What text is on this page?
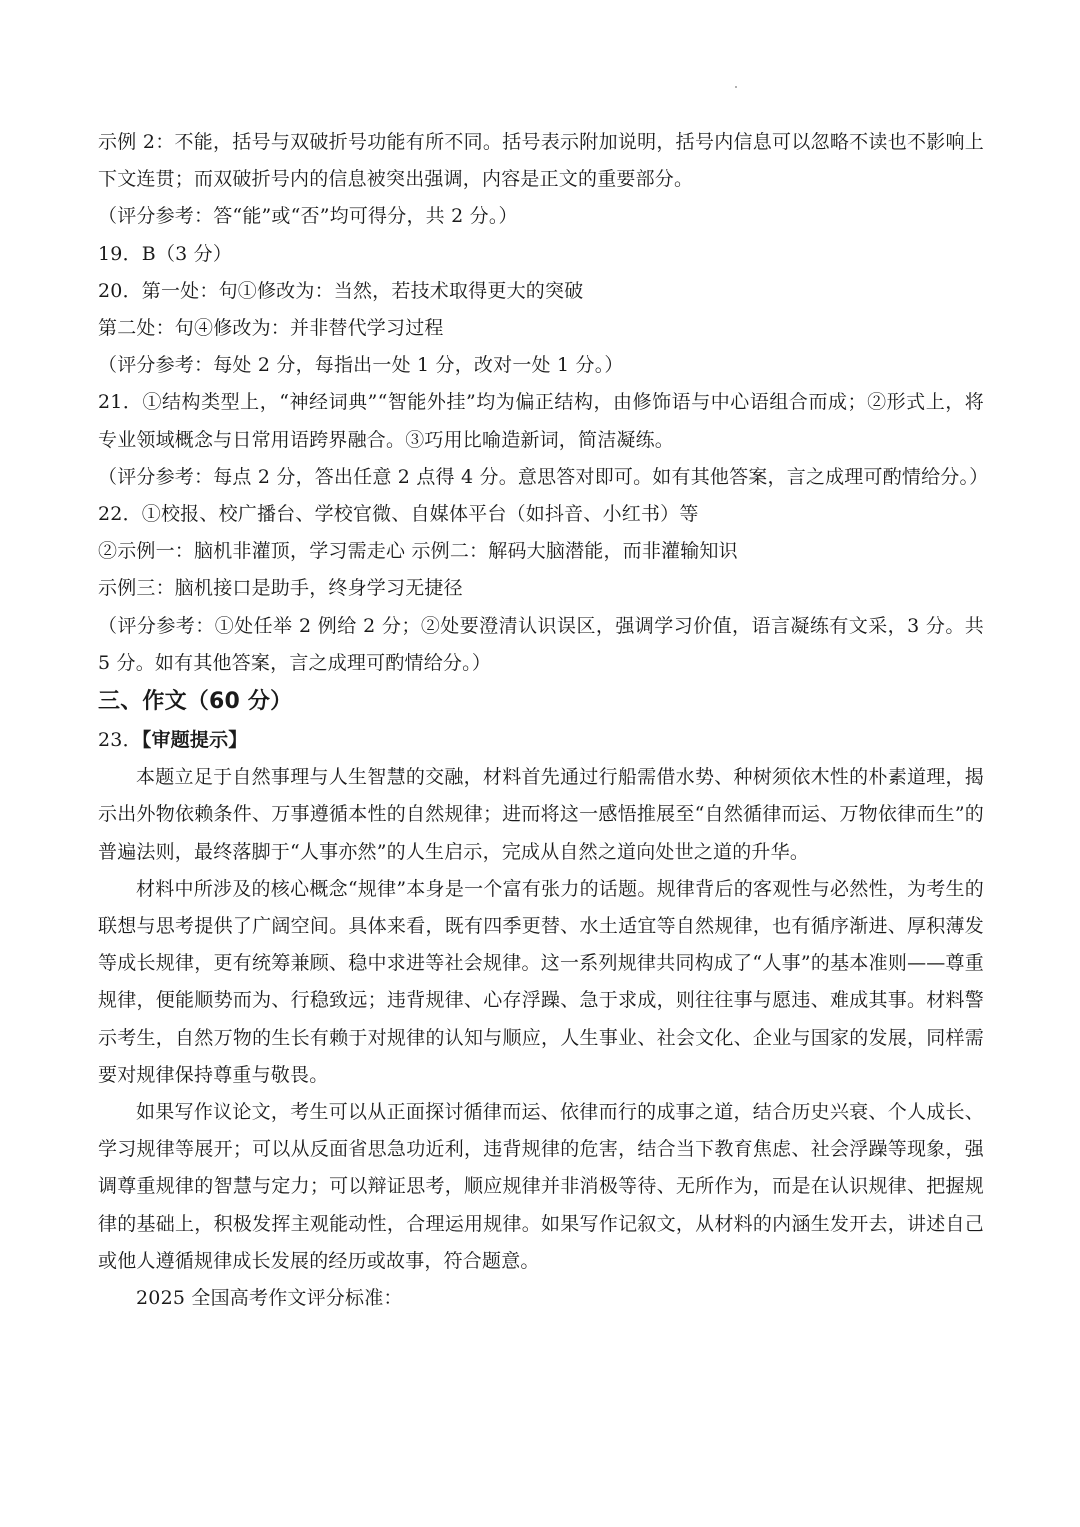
示例 2：不能，括号与双破折号功能有所不同。括号表示附加说明，括号内信息可以忽略不读也不影响上下文连贯；而双破折号内的信息被突出强调，内容是正文的重要部分。

（评分参考：答“能”或“否”均可得分，共 2 分。）

19．B（3 分）

20．第一处：句①修改为：当然，若技术取得更大的突破

第二处：句④修改为：并非替代学习过程

（评分参考：每处 2 分，每指出一处 1 分，改对一处 1 分。）

21．①结构类型上，“神经词典”“智能外挂”均为偏正结构，由修饰语与中心语组合而成；②形式上，将专业领域概念与日常用语跨界融合。③巧用比喻造新词，简洁凝练。

（评分参考：每点 2 分，答出任意 2 点得 4 分。意思答对即可。如有其他答案，言之成理可酌情给分。）

22．①校报、校广播台、学校官微、自媒体平台（如抖音、小红书）等

②示例一：脑机非灌顶，学习需走心 示例二：解码大脑潜能，而非灌输知识

示例三：脑机接口是助手，终身学习无捷径

（评分参考：①处任举 2 例给 2 分；②处要澄清认识误区，强调学习价值，语言凝练有文采，3 分。共 5 分。如有其他答案，言之成理可酌情给分。）

三、作文（60 分）

23．【审题提示】

本题立足于自然事理与人生智慧的交融，材料首先通过行船需借水势、种树须依木性的朴素道理，揭示出外物依赖条件、万事遵循本性的自然规律；进而将这一感悟推展至“自然循律而运、万物依律而生”的普遍法则，最终落脚于“人事亦然”的人生启示，完成从自然之道向处世之道的升华。

材料中所涉及的核心概念“规律”本身是一个富有张力的话题。规律背后的客观性与必然性，为考生的联想与思考提供了广阔空间。具体来看，既有四季更替、水土适宜等自然规律，也有循序渐进、厚积薄发等成长规律，更有统筹兼顾、稳中求进等社会规律。这一系列规律共同构成了“人事”的基本准则——尊重规律，便能顺势而为、行稳致远；违背规律、心存浮躁、急于求成，则往往事与愿违、难成其事。材料警示考生，自然万物的生长有赖于对规律的认知与顺应，人生事业、社会文化、企业与国家的发展，同样需要对规律保持尊重与敬畏。

如果写作议论文，考生可以从正面探讨循律而运、依律而行的成事之道，结合历史兴衰、个人成长、学习规律等展开；可以从反面省思急功近利，违背规律的危害，结合当下教育焦虑、社会浮躁等现象，强调尊重规律的智慧与定力；可以辩证思考，顺应规律并非消极等待、无所作为，而是在认识规律、把握规律的基础上，积极发挥主观能动性，合理运用规律。如果写作记叙文，从材料的内涵生发开去，讲述自己或他人遵循规律成长发展的经历或故事，符合题意。

2025 全国高考作文评分标准：
